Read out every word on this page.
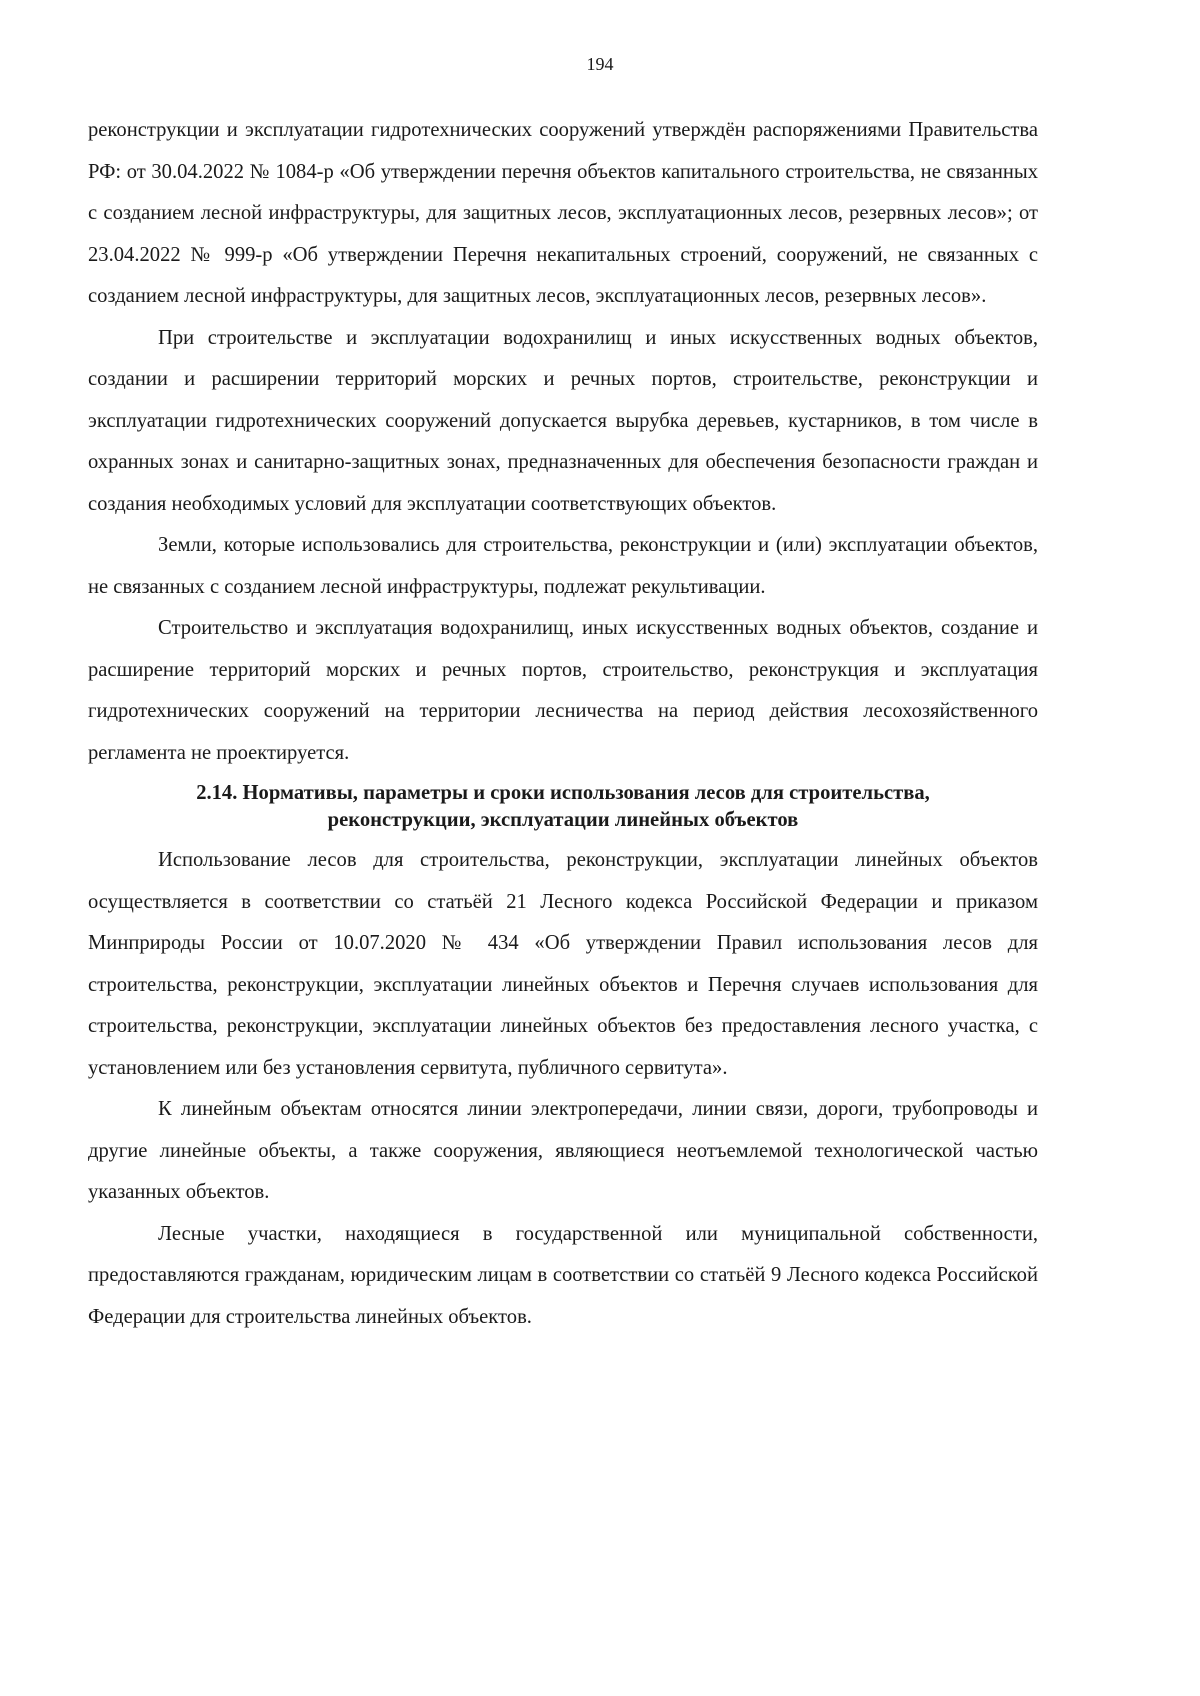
194

реконструкции и эксплуатации гидротехнических сооружений утверждён распоряжениями Правительства РФ: от 30.04.2022 № 1084-р «Об утверждении перечня объектов капитального строительства, не связанных с созданием лесной инфраструктуры, для защитных лесов, эксплуатационных лесов, резервных лесов»; от 23.04.2022 № 999-р «Об утверждении Перечня некапитальных строений, сооружений, не связанных с созданием лесной инфраструктуры, для защитных лесов, эксплуатационных лесов, резервных лесов».

При строительстве и эксплуатации водохранилищ и иных искусственных водных объектов, создании и расширении территорий морских и речных портов, строительстве, реконструкции и эксплуатации гидротехнических сооружений допускается вырубка деревьев, кустарников, в том числе в охранных зонах и санитарно-защитных зонах, предназначенных для обеспечения безопасности граждан и создания необходимых условий для эксплуатации соответствующих объектов.

Земли, которые использовались для строительства, реконструкции и (или) эксплуатации объектов, не связанных с созданием лесной инфраструктуры, подлежат рекультивации.

Строительство и эксплуатация водохранилищ, иных искусственных водных объектов, создание и расширение территорий морских и речных портов, строительство, реконструкция и эксплуатация гидротехнических сооружений на территории лесничества на период действия лесохозяйственного регламента не проектируется.

2.14. Нормативы, параметры и сроки использования лесов для строительства,
реконструкции, эксплуатации линейных объектов

Использование лесов для строительства, реконструкции, эксплуатации линейных объектов осуществляется в соответствии со статьёй 21 Лесного кодекса Российской Федерации и приказом Минприроды России от 10.07.2020 № 434 «Об утверждении Правил использования лесов для строительства, реконструкции, эксплуатации линейных объектов и Перечня случаев использования для строительства, реконструкции, эксплуатации линейных объектов без предоставления лесного участка, с установлением или без установления сервитута, публичного сервитута».

К линейным объектам относятся линии электропередачи, линии связи, дороги, трубопроводы и другие линейные объекты, а также сооружения, являющиеся неотъемлемой технологической частью указанных объектов.

Лесные участки, находящиеся в государственной или муниципальной собственности, предоставляются гражданам, юридическим лицам в соответствии со статьёй 9 Лесного кодекса Российской Федерации для строительства линейных объектов.
